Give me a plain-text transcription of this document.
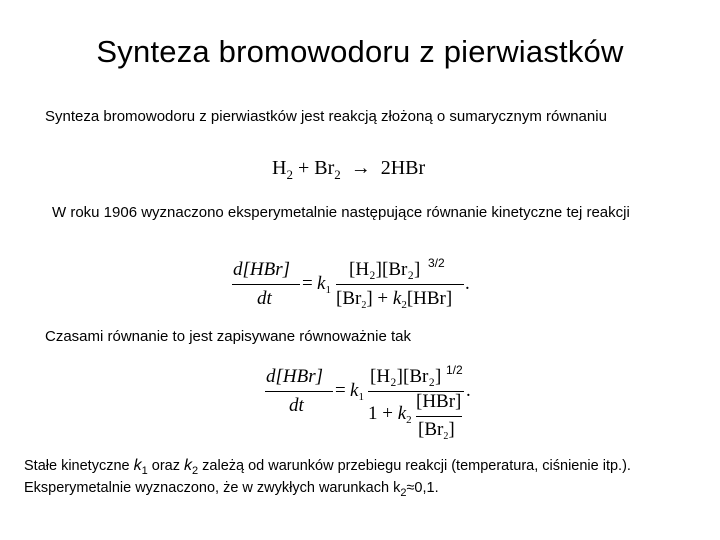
Synteza bromowodoru z pierwiastków
Synteza bromowodoru z pierwiastków jest reakcją złożoną o sumarycznym równaniu
$H_2 + Br_2 \to 2HBr$
W roku 1906 wyznaczono eksperymetalnie następujące równanie kinetyczne tej reakcji
d[HBr]
dt
= $k_1$
[H₂][Br₂] 3/2
$[Br_2] + k_2[HBr]$
.
Czasami równanie to jest zapisywane równoważnie tak
d[HBr]
dt
= $k_1$
[H₂][Br₂] 1/2
$1 + k_2$
[HBr]
$[Br_2]$
.
Stałe kinetyczne $k_1$ oraz $k_2$ zależą od warunków przebiegu reakcji (temperatura, ciśnienie itp.).
Eksperymetalnie wyznaczono, że w zwykłych warunkach $k_2\approx 0,1$.
